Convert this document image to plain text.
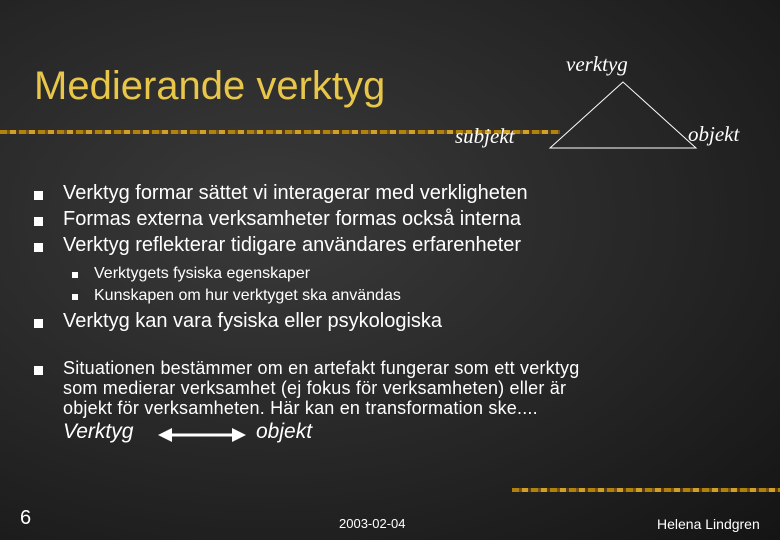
Medierande verktyg	verktyg
subjekt	objekt
Verktyg formar sättet vi interagerar med verkligheten
Formas externa verksamheter formas också interna
Verktyg reflekterar tidigare användares erfarenheter
Verktygets fysiska egenskaper
Kunskapen om hur verktyget ska användas
Verktyg kan vara fysiska eller psykologiska
Situationen bestämmer om en artefakt fungerar som ett verktyg
som medierar verksamhet (ej fokus för verksamheten) eller är
objekt för verksamheten. Här kan en transformation ske....
Verktyg	objekt
6	2003-02-04	Helena Lindgren
